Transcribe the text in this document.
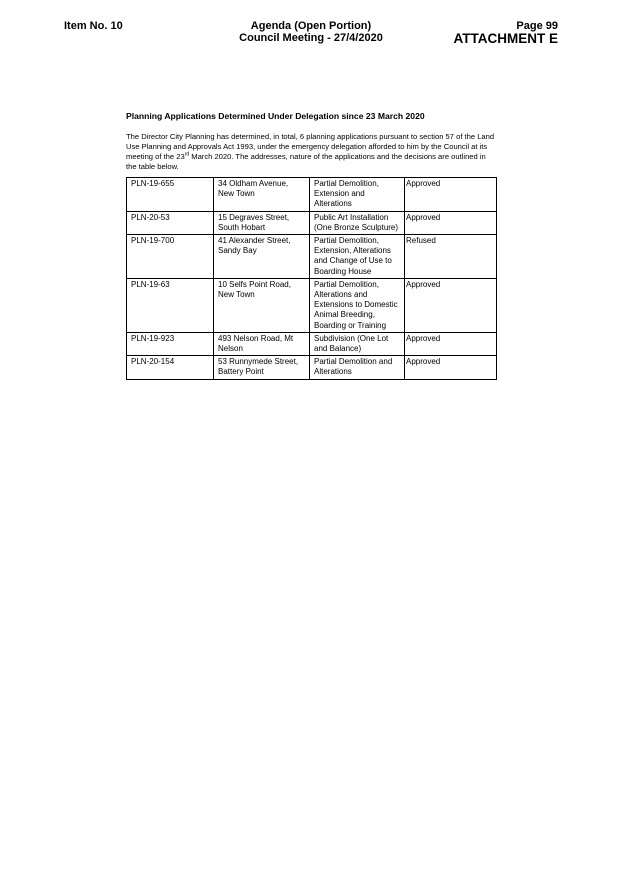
Item No. 10	Agenda (Open Portion)
Council Meeting - 27/4/2020
Page 99
ATTACHMENT E

Planning Applications Determined Under Delegation since 23 March 2020

The Director City Planning has determined, in total, 6 planning applications pursuant to section 57 of the Land Use Planning and Approvals Act 1993, under the emergency delegation afforded to him by the Council at its meeting of the 23rd March 2020. The addresses, nature of the applications and the decisions are outlined in the table below.

PLN-19-655	34 Oldham Avenue, New Town	Partial Demolition, Extension and Alterations	Approved
PLN-20-53	15 Degraves Street, South Hobart	Public Art Installation (One Bronze Sculpture)	Approved
PLN-19-700	41 Alexander Street, Sandy Bay	Partial Demolition, Extension, Alterations and Change of Use to Boarding House	Refused
PLN-19-63	10 Selfs Point Road, New Town	Partial Demolition, Alterations and Extensions to Domestic Animal Breeding, Boarding or Training	Approved
PLN-19-923	493 Nelson Road, Mt Nelson	Subdivision (One Lot and Balance)	Approved
PLN-20-154	53 Runnymede Street, Battery Point	Partial Demolition and Alterations	Approved
